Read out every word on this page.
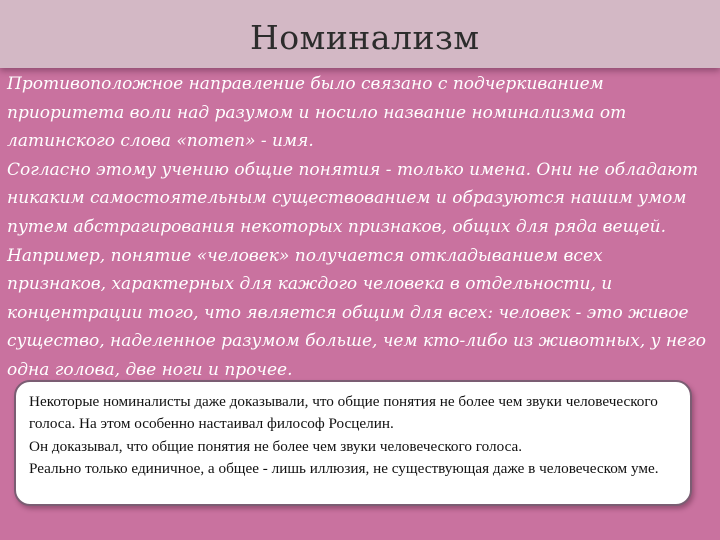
Номинализм

Противоположное направление было связано с подчеркиванием приоритета воли над разумом и носило название номинализма от латинского слова «nomen» - имя.

Согласно этому учению общие понятия - только имена. Они не обладают никаким самостоятельным существованием и образуются нашим умом путем абстрагирования некоторых признаков, общих для ряда вещей. Например, понятие «человек» получается откладыванием всех признаков, характерных для каждого человека в отдельности, и концентрации того, что является общим для всех: человек - это живое существо, наделенное разумом больше, чем кто-либо из животных, у него одна голова, две ноги и прочее.

Некоторые номиналисты даже доказывали, что общие понятия не более чем звуки человеческого голоса. На этом особенно настаивал философ Росцелин.

Он доказывал, что общие понятия не более чем звуки человеческого голоса.

Реально только единичное, а общее - лишь иллюзия, не существующая даже в человеческом уме.
